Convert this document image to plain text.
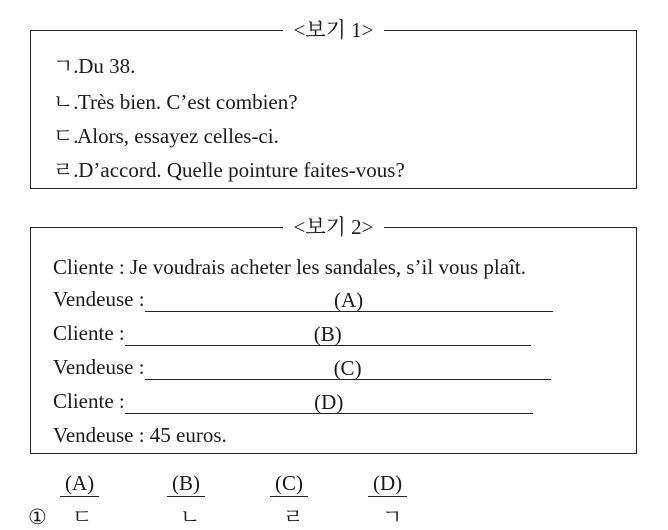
<보기 1>
ㄱ. Du 38.
ㄴ. Très bien. C’est combien?
ㄷ. Alors, essayez celles-ci.
ㄹ. D’accord. Quelle pointure faites-vous?
<보기 2>
Cliente : Je voudrais acheter les sandales, s’il vous plaît.
Vendeuse :	(A)
Cliente :	(B)
Vendeuse :	(C)
Cliente :	(D)
Vendeuse : 45 euros.
(A)	(B)	(C)	(D)
① ㄷ	ㄴ	ㄹ	ㄱ
